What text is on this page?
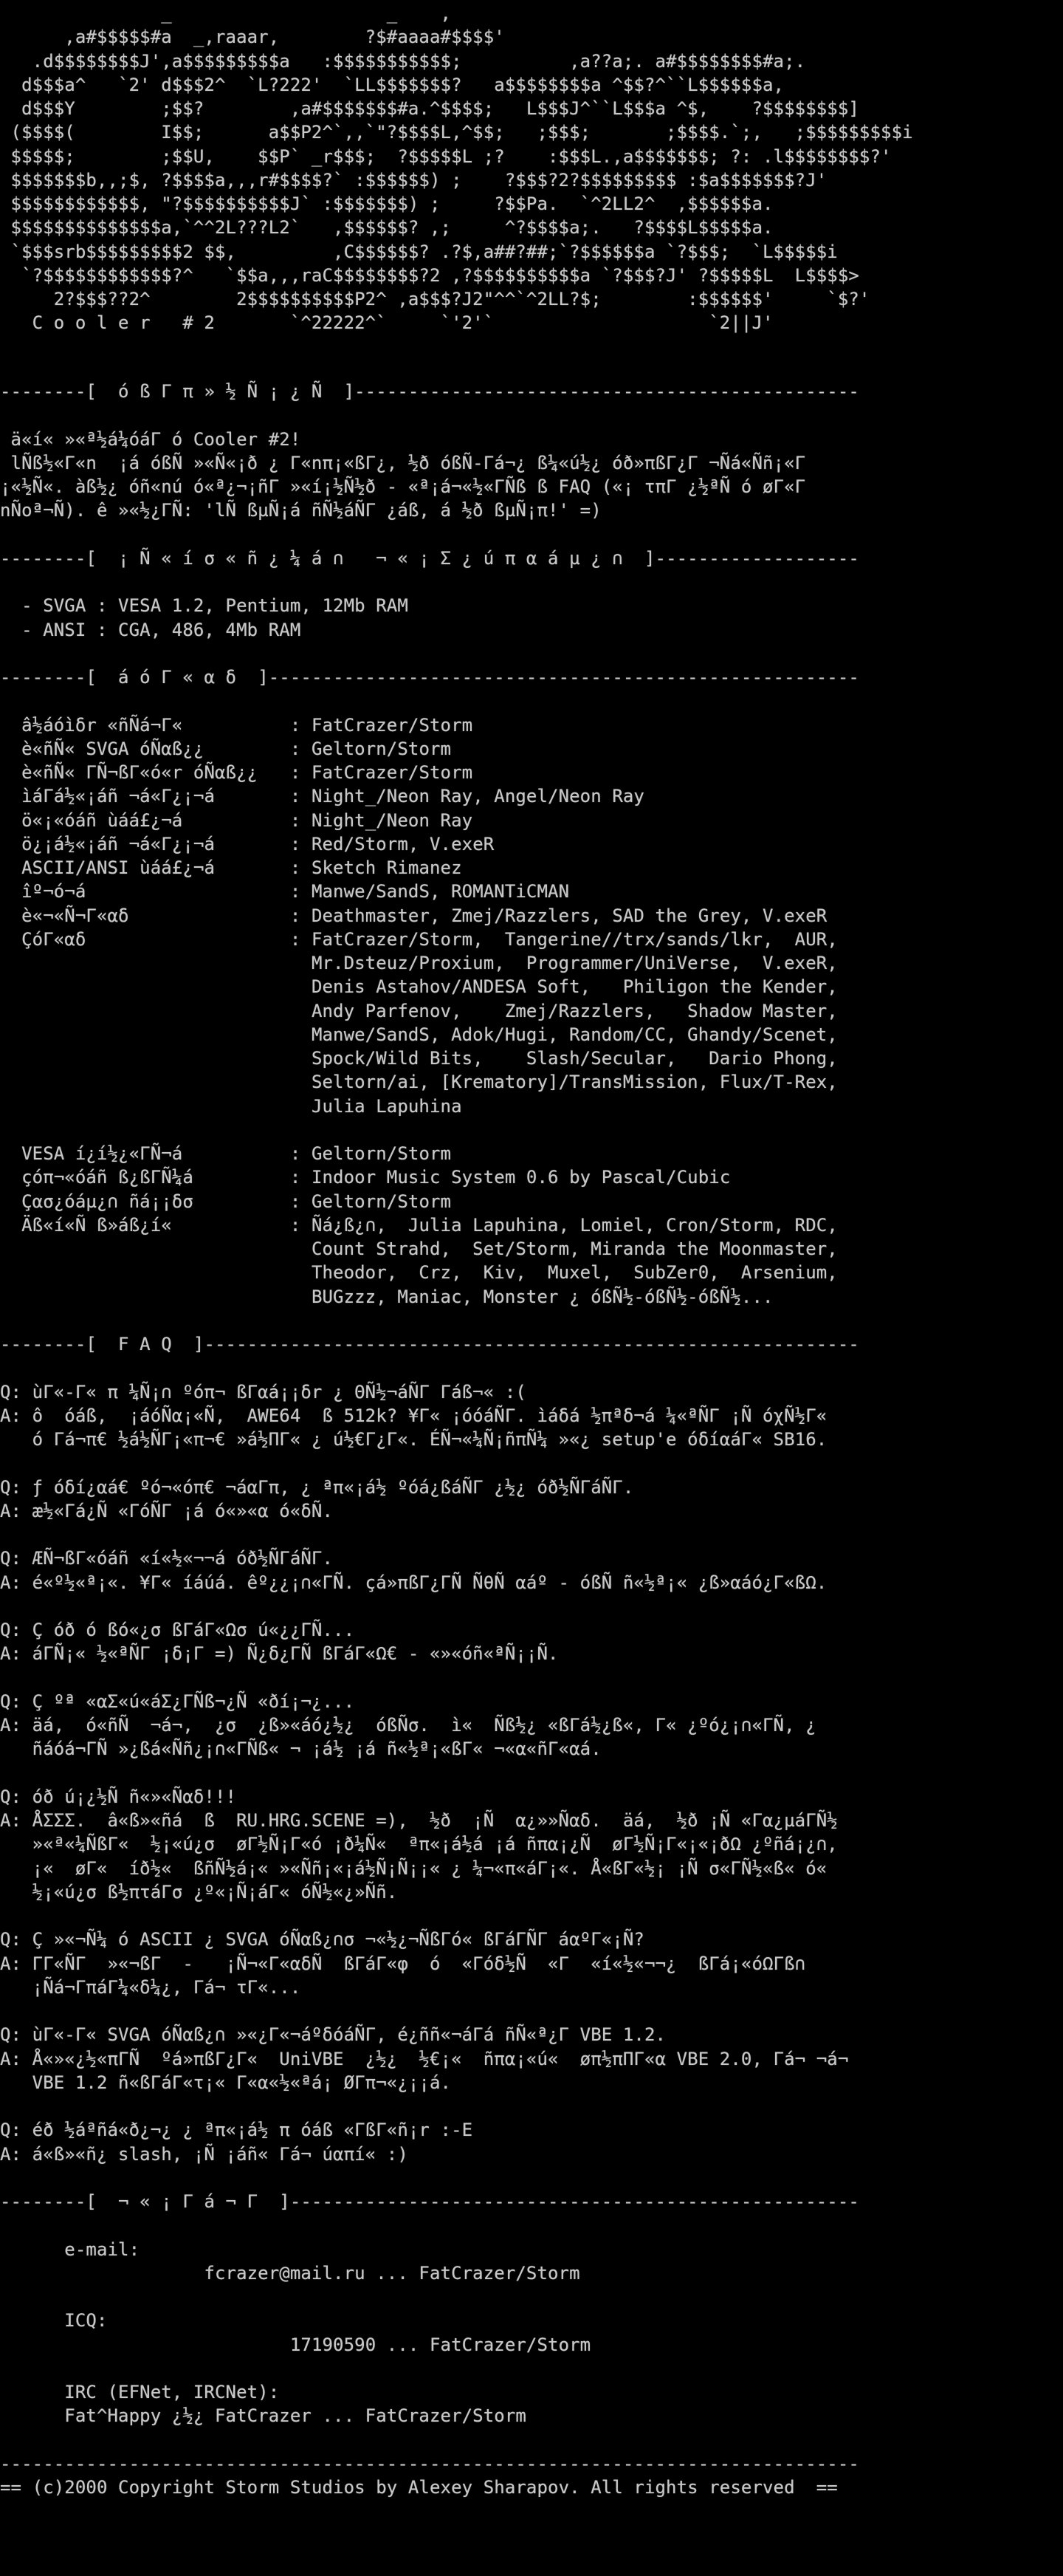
_                    _    ,
,a#$$$$$#a  _,raaar,        ?$#aaaa#$$$$'
.d$$$$$$$$J',a$$$$$$$$$a   :$$$$$$$$$$$;          ,a??a;. a#$$$$$$$$#a;.
d$$$a^   `2' d$$$2^  `L?222'  `LL$$$$$$$?   a$$$$$$$$a ^$$?^``L$$$$$$a,
d$$$Y        ;$$?        ,a#$$$$$$$#a.^$$$$;   L$$$J^``L$$$a ^$,    ?$$$$$$$$]
($$$$(        I$$;      a$$P2^`,,`"?$$$$L,^$$;   ;$$$;       ;$$$$.`;,   ;$$$$$$$$$i
$$$$$;        ;$$U,    $$P` _r$$$;  ?$$$$$L ;?    :$$$L.,a$$$$$$$; ?: .l$$$$$$$$?'
$$$$$$$b,,;$, ?$$$$a,,,r#$$$$?` :$$$$$$) ;    ?$$$?2?$$$$$$$$$ :$a$$$$$$$?J'
$$$$$$$$$$$$, "?$$$$$$$$$$J` :$$$$$$$) ;     ?$$Pa.  `^2LL2^  ,$$$$$$a.
$$$$$$$$$$$$$$a,`^^2L???L2`   ,$$$$$$? ,;     ^?$$$$a;.   ?$$$$L$$$$$a.
`$$$srb$$$$$$$$$2 $$,         ,C$$$$$$? .?$,a##?##;`?$$$$$$a `?$$$;  `L$$$$$i
`?$$$$$$$$$$$$?^   `$$a,,,raC$$$$$$$$?2 ,?$$$$$$$$$$a `?$$$?J' ?$$$$$L  L$$$$>
2?$$$??2^        2$$$$$$$$$$P2^ ,a$$$?J2"^^`^2LL?$;        :$$$$$$'     `$?'
C o o l e r   # 2       `^22222^`     `'2'`                    `2||J'

--------[  ó ß Γ π » ½ Ñ ¡ ¿ Ñ  ]-----------------------------------------------

ä«í« »«ª½á¼óáΓ ó Cooler #2!
lÑß½«Γ«n  ¡á óßÑ »«Ñ«¡ð ¿ Γ«nπ¡«ßΓ¿, ½ð óßÑ-Γá¬¿ ß¼«ú½¿ óð»πßΓ¿Γ ¬Ñá«Ññ¡«Γ
¡«½Ñ«. àß½¿ óñ«nú ó«ª¿¬¡ñΓ »«í¡½Ñ½ð - «ª¡á¬«½«ΓÑß ß FAQ («¡ τπΓ ¿½ªÑ ó øΓ«Γ
nÑoª¬Ñ). ê »«½¿ΓÑ: 'lÑ ßµÑ¡á ñÑ½áÑΓ ¿áß, á ½ð ßµÑ¡π!' =)

--------[  ¡ Ñ « í σ « ñ ¿ ¼ á ∩   ¬ « ¡ Σ ¿ ú π α á µ ¿ ∩  ]-------------------

- SVGA : VESA 1.2, Pentium, 12Mb RAM
- ANSI : CGA, 486, 4Mb RAM

--------[  á ó Γ « α δ  ]-------------------------------------------------------

â½áóìδr «ñÑá¬Γ«          : FatCrazer/Storm
è«ñÑ« SVGA óÑαß¿¿        : Geltorn/Storm
è«ñÑ« ΓÑ¬ßΓ«ó«r óÑαß¿¿   : FatCrazer/Storm
ìáΓá½«¡áñ ¬á«Γ¿¡¬á       : Night_/Neon Ray, Angel/Neon Ray
ö«¡«óáñ ùáá£¿¬á          : Night_/Neon Ray
ö¿¡á½«¡áñ ¬á«Γ¿¡¬á       : Red/Storm, V.exeR
ASCII/ANSI ùáá£¿¬á       : Sketch Rimanez
îº¬ó¬á                   : Manwe/SandS, ROMANTiCMAN
è«¬«Ñ¬Γ«αδ               : Deathmaster, Zmej/Razzlers, SAD the Grey, V.exeR
ÇóΓ«αδ                   : FatCrazer/Storm,  Tangerine//trx/sands/lkr,  AUR,
Mr.Dsteuz/Proxium,  Programmer/UniVerse,  V.exeR,
Denis Astahov/ANDESA Soft,   Philigon the Kender,
Andy Parfenov,    Zmej/Razzlers,   Shadow Master,
Manwe/SandS, Adok/Hugi, Random/CC, Ghandy/Scenet,
Spock/Wild Bits,    Slash/Secular,   Dario Phong,
Seltorn/ai, [Krematory]/TransMission, Flux/T-Rex,
Julia Lapuhina

VESA í¿í½¿«ΓÑ¬á          : Geltorn/Storm
çóπ¬«óáñ ß¿ßΓÑ¼á         : Indoor Music System 0.6 by Pascal/Cubic
Çασ¿óáµ¿∩ ñá¡¡δσ         : Geltorn/Storm
Äß«í«Ñ ß»áß¿í«           : Ñá¿ß¿∩,  Julia Lapuhina, Lomiel, Cron/Storm, RDC,
Count Strahd,  Set/Storm, Miranda the Moonmaster,
Theodor,  Crz,  Kiv,  Muxel,  SubZer0,  Arsenium,
BUGzzz, Maniac, Monster ¿ óßÑ½-óßÑ½-óßÑ½...

--------[  F A Q  ]-------------------------------------------------------------

Q: ùΓ«-Γ« π ¼Ñ¡∩ ºóπ¬ ßΓαá¡¡δr ¿ ΘÑ½¬áÑΓ Γáß¬« :(
A: ô  óáß,  ¡áóÑα¡«Ñ,  AWE64  ß 512k? ¥Γ« ¡óóáÑΓ. ìáδá ½πªδ¬á ¼«ªÑΓ ¡Ñ óχÑ½Γ«
ó Γá¬π€ ½á½ÑΓ¡«π¬€ »á½ΠΓ« ¿ ú½€Γ¿Γ«. ÉÑ¬«¼Ñ¡ñπÑ¼ »«¿ setup'e óδíαáΓ« SB16.

Q: ƒ óδí¿αá€ ºó¬«óπ€ ¬áαΓπ, ¿ ªπ«¡á½ ºóá¿ßáÑΓ ¿½¿ óð½ÑΓáÑΓ.
A: æ½«Γá¿Ñ «ΓóÑΓ ¡á ó«»«α ó«δÑ.

Q: ÆÑ¬ßΓ«óáñ «í«½«¬¬á óð½ÑΓáÑΓ.
A: é«º½«ª¡«. ¥Γ« íáúá. êº¿¿¡∩«ΓÑ. çá»πßΓ¿ΓÑ ÑθÑ αáº - óßÑ ñ«½ª¡« ¿ß»αáó¿Γ«ßΩ.

Q: Ç óð ó ßó«¿σ ßΓáΓ«Ωσ ú«¿¿ΓÑ...
A: áΓÑ¡« ½«ªÑΓ ¡δ¡Γ =) Ñ¿δ¿ΓÑ ßΓáΓ«Ω€ - «»«óñ«ªÑ¡¡Ñ.

Q: Ç ºª «αΣ«ú«áΣ¿ΓÑß¬¿Ñ «ðí¡¬¿...
A: äá,  ó«ñÑ  ¬á¬,  ¿σ  ¿ß»«áó¿½¿  óßÑσ.  ì«  Ñß½¿ «ßΓá½¿ß«, Γ« ¿ºó¿¡∩«ΓÑ, ¿
ñáóá¬ΓÑ »¿ßá«Ññ¿¡∩«ΓÑß« ¬ ¡á½ ¡á ñ«½ª¡«ßΓ« ¬«α«ñΓ«αá.

Q: óð ú¡¿½Ñ ñ«»«Ñαδ!!!
A: ÅΣΣΣ.  â«ß»«ñá  ß  RU.HRG.SCENE =),  ½ð  ¡Ñ  α¿»»Ñαδ.  äá,  ½ð ¡Ñ «Γα¿µáΓÑ½
»«ª«¼ÑßΓ«  ½¡«ú¿σ  øΓ½Ñ¡Γ«ó ¡ð¼Ñ«  ªπ«¡á½á ¡á ñπα¡¿Ñ  øΓ½Ñ¡Γ«¡«¡ðΩ ¿ºñá¡¿∩,
¡«  øΓ«  íð½«  ßñÑ½á¡« »«Ññ¡«¡á½Ñ¡Ñ¡¡« ¿ ¼¬«π«áΓ¡«. Å«ßΓ«½¡ ¡Ñ σ«ΓÑ½«ß« ó«
½¡«ú¿σ ß½πτáΓσ ¿º«¡Ñ¡áΓ« óÑ½«¿»Ññ.

Q: Ç »«¬Ñ¼ ó ASCII ¿ SVGA óÑαß¿∩σ ¬«½¿¬ÑßΓó« ßΓáΓÑΓ áαºΓ«¡Ñ?
A: ΓΓ«ÑΓ  »«¬ßΓ  -   ¡Ñ¬«Γ«αδÑ  ßΓáΓ«φ  ó  «Γóδ½Ñ  «Γ  «í«½«¬¬¿  ßΓá¡«óΩΓß∩
¡Ñá¬ΓπáΓ¼«δ¼¿, Γá¬ τΓ«...

Q: ùΓ«-Γ« SVGA óÑαß¿∩ »«¿Γ«¬áºδóáÑΓ, é¿ññ«¬áΓá ñÑ«ª¿Γ VBE 1.2.
A: Å«»«¿½«πΓÑ  ºá»πßΓ¿Γ«  UniVBE  ¿½¿  ½€¡«  ñπα¡«ú«  øπ½πΠΓ«α VBE 2.0, Γá¬ ¬á¬
VBE 1.2 ñ«ßΓáΓ«τ¡« Γ«α«½«ªá¡ ØΓπ¬«¿¡¡á.

Q: éð ½áªñá«ð¿¬¿ ¿ ªπ«¡á½ π óáß «ΓßΓ«ñ¡r :-E
A: á«ß»«ñ¿ slash, ¡Ñ ¡áñ« Γá¬ úαπí« :)

--------[  ¬ « ¡ Γ á ¬ Γ  ]-----------------------------------------------------

e-mail:
fcrazer@mail.ru ... FatCrazer/Storm

ICQ:
17190590 ... FatCrazer/Storm

IRC (EFNet, IRCNet):
Fat^Happy ¿½¿ FatCrazer ... FatCrazer/Storm

--------------------------------------------------------------------------------
== (c)2000 Copyright Storm Studios by Alexey Sharapov. All rights reserved  ==
